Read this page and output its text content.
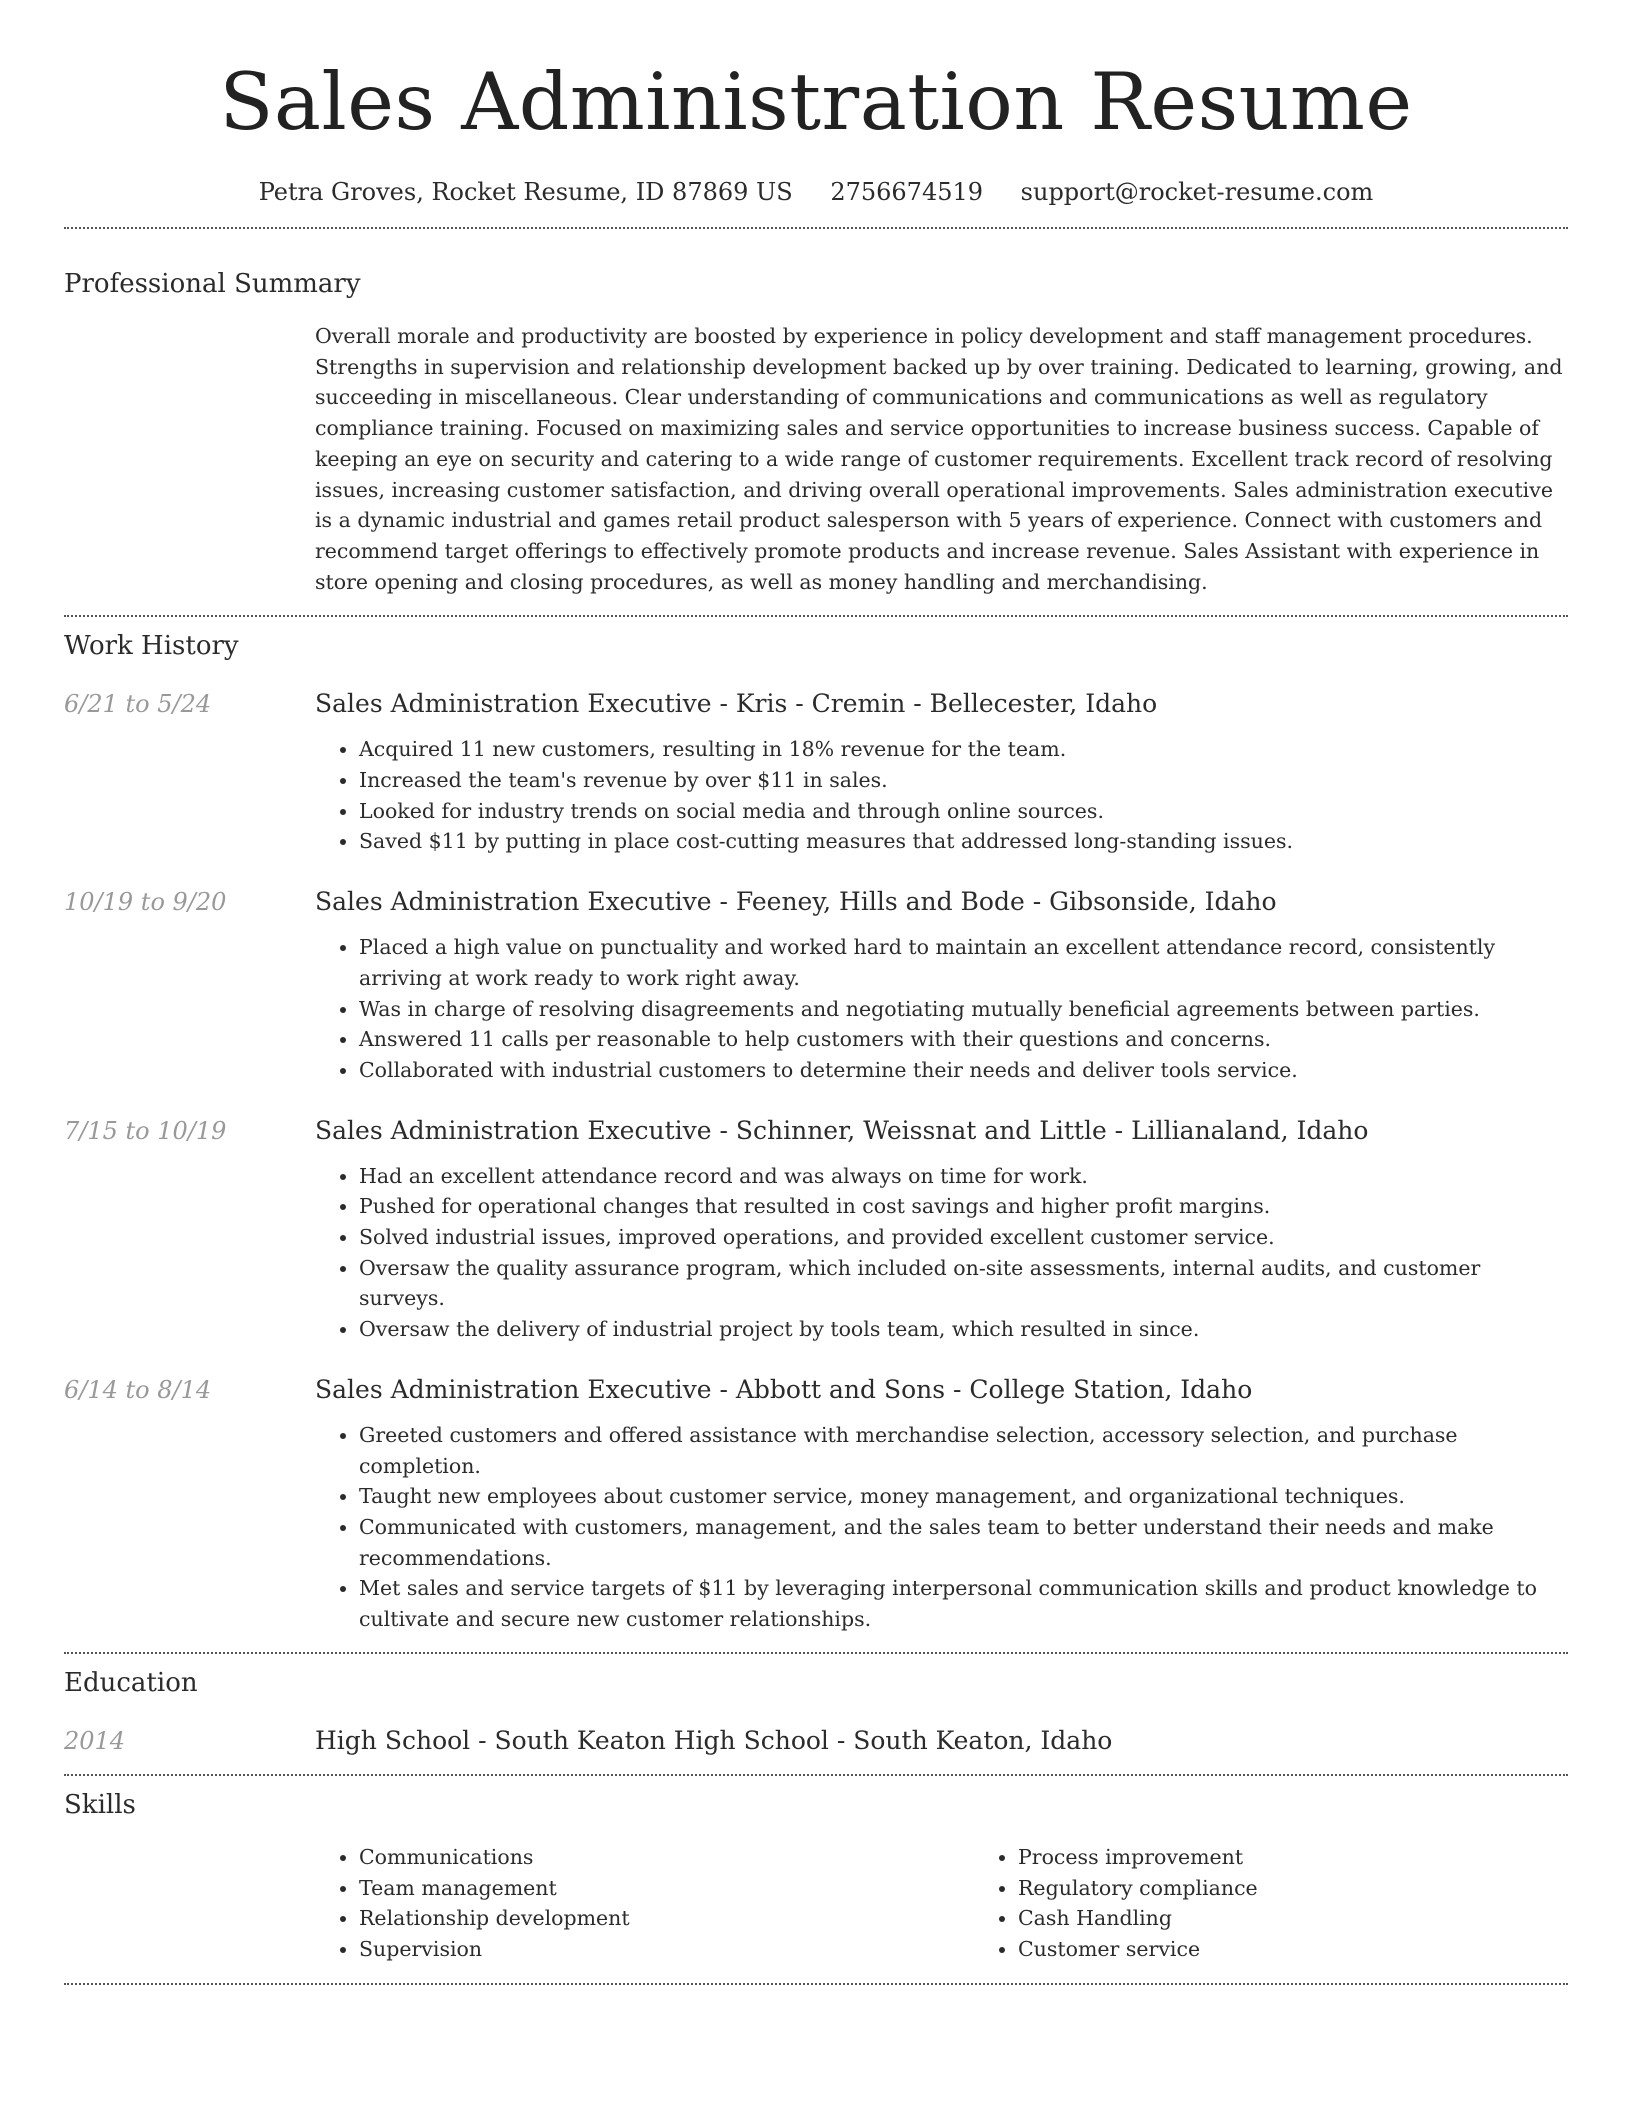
Sales Administration Resume
Petra Groves, Rocket Resume, ID 87869 US 2756674519 support@rocket-resume.com
Professional Summary

Overall morale and productivity are boosted by experience in policy development and staff management procedures. Strengths in supervision and relationship development backed up by over training. Dedicated to learning, growing, and succeeding in miscellaneous. Clear understanding of communications and communications as well as regulatory compliance training. Focused on maximizing sales and service opportunities to increase business success. Capable of keeping an eye on security and catering to a wide range of customer requirements. Excellent track record of resolving issues, increasing customer satisfaction, and driving overall operational improvements. Sales administration executive is a dynamic industrial and games retail product salesperson with 5 years of experience. Connect with customers and recommend target offerings to effectively promote products and increase revenue. Sales Assistant with experience in store opening and closing procedures, as well as money handling and merchandising.

Work History
6/21 to 5/24	Sales Administration Executive - Kris - Cremin - Bellecester, Idaho
• Acquired 11 new customers, resulting in 18% revenue for the team.
• Increased the team's revenue by over $11 in sales.
• Looked for industry trends on social media and through online sources.
• Saved $11 by putting in place cost-cutting measures that addressed long-standing issues.
10/19 to 9/20	Sales Administration Executive - Feeney, Hills and Bode - Gibsonside, Idaho
• Placed a high value on punctuality and worked hard to maintain an excellent attendance record, consistently arriving at work ready to work right away.
• Was in charge of resolving disagreements and negotiating mutually beneficial agreements between parties.
• Answered 11 calls per reasonable to help customers with their questions and concerns.
• Collaborated with industrial customers to determine their needs and deliver tools service.
7/15 to 10/19	Sales Administration Executive - Schinner, Weissnat and Little - Lillianaland, Idaho
• Had an excellent attendance record and was always on time for work.
• Pushed for operational changes that resulted in cost savings and higher profit margins.
• Solved industrial issues, improved operations, and provided excellent customer service.
• Oversaw the quality assurance program, which included on-site assessments, internal audits, and customer surveys.
• Oversaw the delivery of industrial project by tools team, which resulted in since.
6/14 to 8/14	Sales Administration Executive - Abbott and Sons - College Station, Idaho
• Greeted customers and offered assistance with merchandise selection, accessory selection, and purchase completion.
• Taught new employees about customer service, money management, and organizational techniques.
• Communicated with customers, management, and the sales team to better understand their needs and make recommendations.
• Met sales and service targets of $11 by leveraging interpersonal communication skills and product knowledge to cultivate and secure new customer relationships.
Education
2014	High School - South Keaton High School - South Keaton, Idaho
Skills
• Communications
• Team management
• Relationship development
• Supervision
• Process improvement
• Regulatory compliance
• Cash Handling
• Customer service
